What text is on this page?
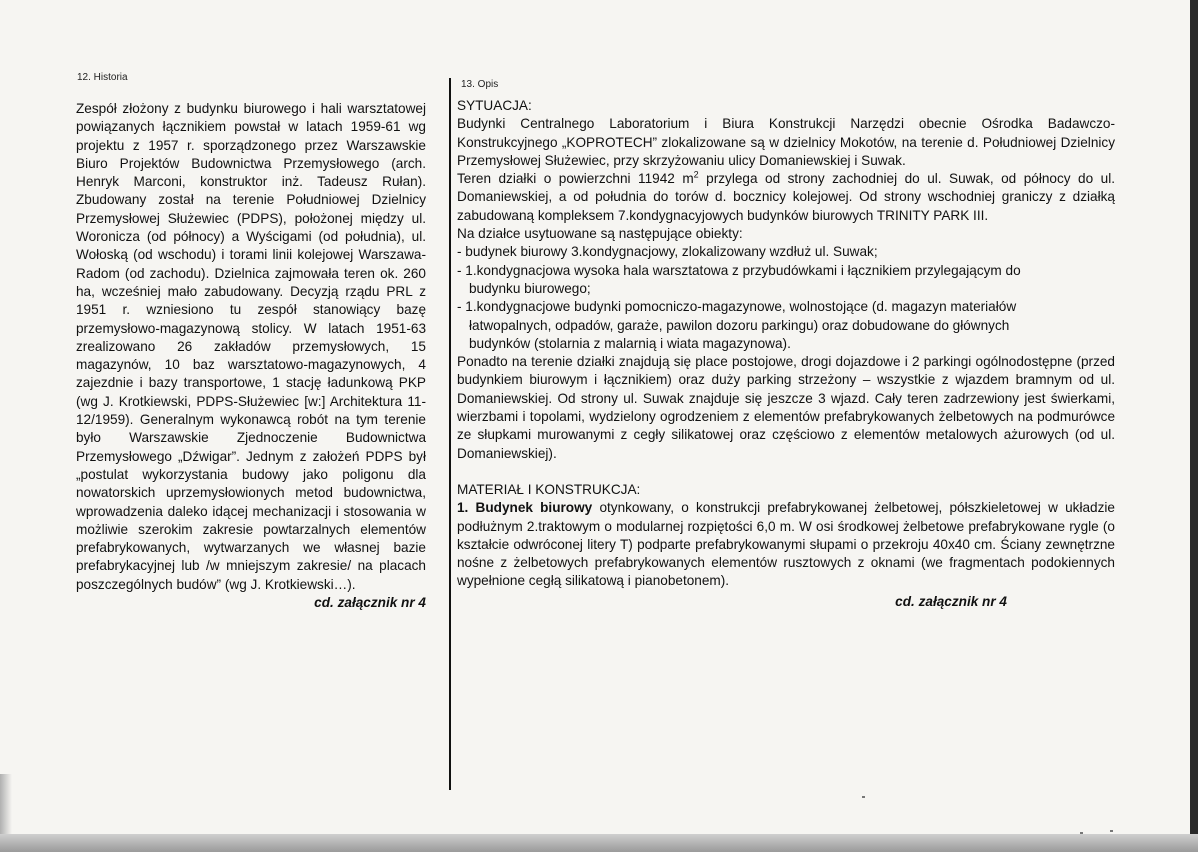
12. Historia
13. Opis

Zespół złożony z budynku biurowego i hali warsztatowej powiązanych łącznikiem powstał w latach 1959-61 wg projektu z 1957 r. sporządzonego przez Warszawskie Biuro Projektów Budownictwa Przemysłowego (arch. Henryk Marconi, konstruktor inż. Tadeusz Rułan). Zbudowany został na terenie Południowej Dzielnicy Przemysłowej Służewiec (PDPS), położonej między ul. Woronicza (od północy) a Wyścigami (od południa), ul. Wołoską (od wschodu) i torami linii kolejowej Warszawa-Radom (od zachodu). Dzielnica zajmowała teren ok. 260 ha, wcześniej mało zabudowany. Decyzją rządu PRL z 1951 r. wzniesiono tu zespół stanowiący bazę przemysłowo-magazynową stolicy. W latach 1951-63 zrealizowano 26 zakładów przemysłowych, 15 magazynów, 10 baz warsztatowo-magazynowych, 4 zajezdnie i bazy transportowe, 1 stację ładunkową PKP (wg J. Krotkiewski, PDPS-Służewiec [w:] Architektura 11-12/1959). Generalnym wykonawcą robót na tym terenie było Warszawskie Zjednoczenie Budownictwa Przemysłowego „Dźwigar”. Jednym z założeń PDPS był „postulat wykorzystania budowy jako poligonu dla nowatorskich uprzemysłowionych metod budownictwa, wprowadzenia daleko idącej mechanizacji i stosowania w możliwie szerokim zakresie powtarzalnych elementów prefabrykowanych, wytwarzanych we własnej bazie prefabrykacyjnej lub /w mniejszym zakresie/ na placach poszczególnych budów” (wg J. Krotkiewski…).
cd. załącznik nr 4

SYTUACJA:

Budynki Centralnego Laboratorium i Biura Konstrukcji Narzędzi obecnie Ośrodka Badawczo-Konstrukcyjnego „KOPROTECH” zlokalizowane są w dzielnicy Mokotów, na terenie d. Południowej Dzielnicy Przemysłowej Służewiec, przy skrzyżowaniu ulicy Domaniewskiej i Suwak.

Teren działki o powierzchni 11942 $m^2$ przylega od strony zachodniej do ul. Suwak, od północy do ul. Domaniewskiej, a od południa do torów d. bocznicy kolejowej. Od strony wschodniej graniczy z działką zabudowaną kompleksem 7.kondygnacyjowych budynków biurowych TRINITY PARK III.

Na działce usytuowane są następujące obiekty:

- budynek biurowy 3.kondygnacjowy, zlokalizowany wzdłuż ul. Suwak;

- 1.kondygnacjowa wysoka hala warsztatowa z przybudówkami i łącznikiem przylegającym do

budynku biurowego;

- 1.kondygnacjowe budynki pomocniczo-magazynowe, wolnostojące (d. magazyn materiałów

łatwopalnych, odpadów, garaże, pawilon dozoru parkingu) oraz dobudowane do głównych

budynków (stolarnia z malarnią i wiata magazynowa).

Ponadto na terenie działki znajdują się place postojowe, drogi dojazdowe i 2 parkingi ogólnodostępne (przed budynkiem biurowym i łącznikiem) oraz duży parking strzeżony – wszystkie z wjazdem bramnym od ul. Domaniewskiej. Od strony ul. Suwak znajduje się jeszcze 3 wjazd. Cały teren zadrzewiony jest świerkami, wierzbami i topolami, wydzielony ogrodzeniem z elementów prefabrykowanych żelbetowych na podmurówce ze słupkami murowanymi z cegły silikatowej oraz częściowo z elementów metalowych ażurowych (od ul. Domaniewskiej).

MATERIAŁ I KONSTRUKCJA:

1. Budynek biurowy otynkowany, o konstrukcji prefabrykowanej żelbetowej, półszkieletowej w układzie podłużnym 2.traktowym o modularnej rozpiętości 6,0 m. W osi środkowej żelbetowe prefabrykowane rygle (o kształcie odwróconej litery T) podparte prefabrykowanymi słupami o przekroju 40x40 cm. Ściany zewnętrzne nośne z żelbetowych prefabrykowanych elementów rusztowych z oknami (we fragmentach podokiennych wypełnione cegłą silikatową i pianobetonem).

cd. załącznik nr 4
